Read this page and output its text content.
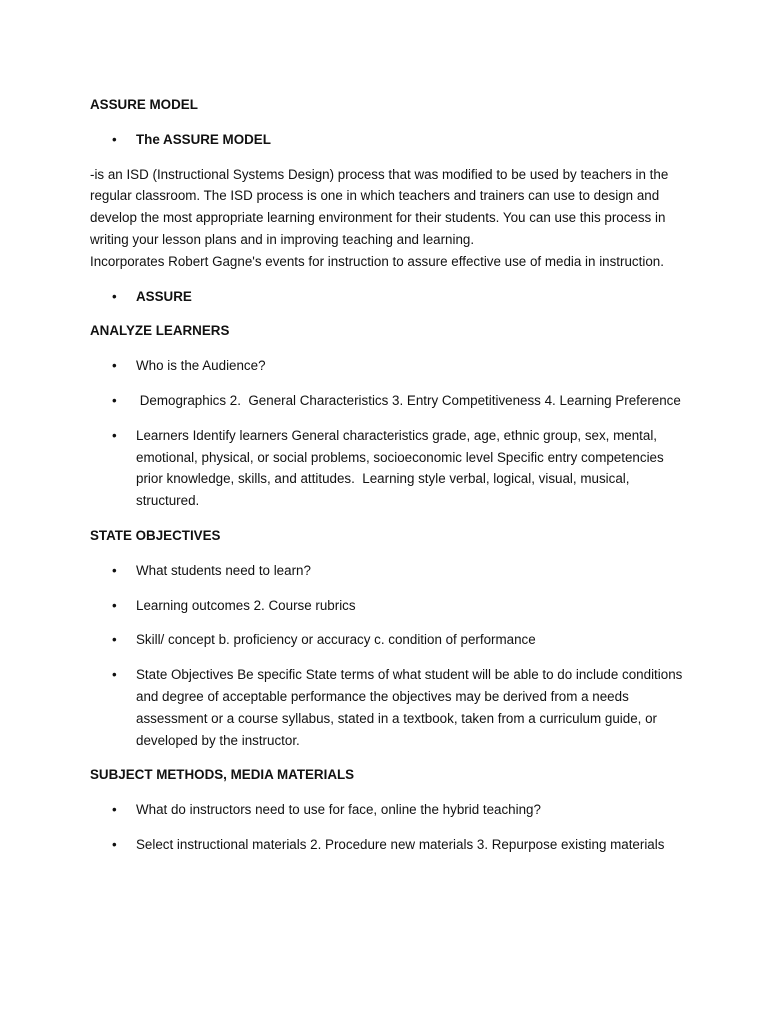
ASSURE MODEL
• The ASSURE MODEL
-is an ISD (Instructional Systems Design) process that was modified to be used by teachers in the regular classroom. The ISD process is one in which teachers and trainers can use to design and develop the most appropriate learning environment for their students. You can use this process in writing your lesson plans and in improving teaching and learning.
Incorporates Robert Gagne's events for instruction to assure effective use of media in instruction.
• ASSURE
ANALYZE LEARNERS
• Who is the Audience?
• Demographics 2.  General Characteristics 3. Entry Competitiveness 4. Learning Preference
• Learners Identify learners General characteristics grade, age, ethnic group, sex, mental, emotional, physical, or social problems, socioeconomic level Specific entry competencies prior knowledge, skills, and attitudes.  Learning style verbal, logical, visual, musical, structured.
STATE OBJECTIVES
• What students need to learn?
• Learning outcomes 2. Course rubrics
• Skill/ concept b. proficiency or accuracy c. condition of performance
• State Objectives Be specific State terms of what student will be able to do include conditions and degree of acceptable performance the objectives may be derived from a needs assessment or a course syllabus, stated in a textbook, taken from a curriculum guide, or developed by the instructor.
SUBJECT METHODS, MEDIA MATERIALS
• What do instructors need to use for face, online the hybrid teaching?
• Select instructional materials 2. Procedure new materials 3. Repurpose existing materials
